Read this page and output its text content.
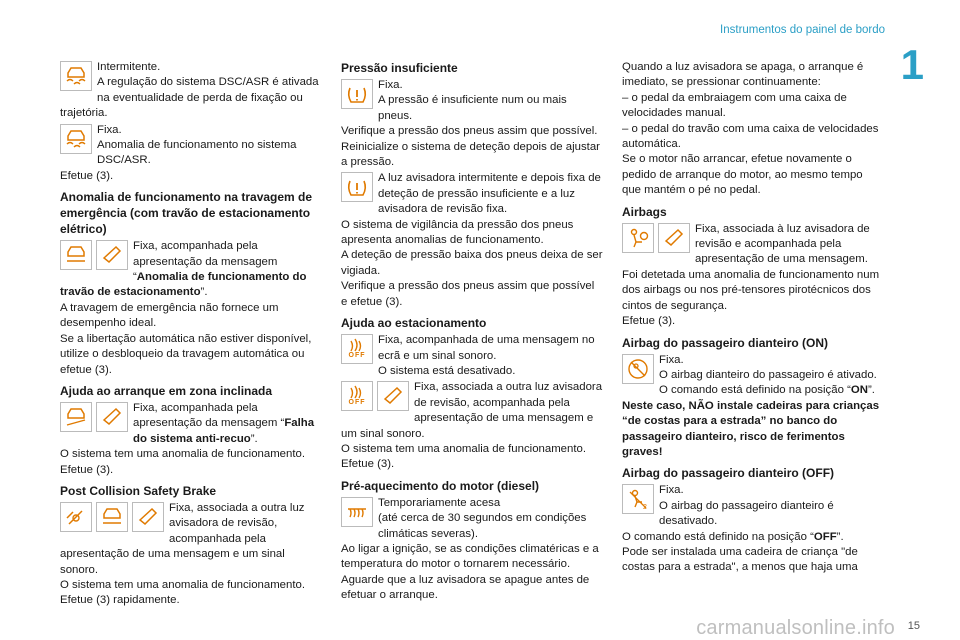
Instrumentos do painel de bordo
1

Intermitente.

A regulação do sistema DSC/ASR é ativada na eventualidade de perda de fixação ou trajetória.

Fixa.

Anomalia de funcionamento no sistema DSC/ASR.

Efetue (3).

Anomalia de funcionamento na travagem de emergência (com travão de estacionamento elétrico)

Fixa, acompanhada pela apresentação da mensagem

“Anomalia de funcionamento do travão de estacionamento”.

A travagem de emergência não fornece um desempenho ideal.

Se a libertação automática não estiver disponível, utilize o desbloqueio da travagem automática ou efetue (3).

Ajuda ao arranque em zona inclinada

Fixa, acompanhada pela apresentação da mensagem “Falha do sistema anti-recuo”.

O sistema tem uma anomalia de funcionamento.

Efetue (3).

Post Collision Safety Brake

Fixa, associada a outra luz avisadora de revisão, acompanhada pela apresentação de uma mensagem e um sinal sonoro.

O sistema tem uma anomalia de funcionamento.

Efetue (3) rapidamente.

Pressão insuficiente

Fixa.

A pressão é insuficiente num ou mais pneus.

Verifique a pressão dos pneus assim que possível.

Reinicialize o sistema de deteção depois de ajustar a pressão.

A luz avisadora intermitente e depois fixa de deteção de pressão insuficiente e a luz avisadora de revisão fixa.

O sistema de vigilância da pressão dos pneus apresenta anomalias de funcionamento.

A deteção de pressão baixa dos pneus deixa de ser vigiada.

Verifique a pressão dos pneus assim que possível e efetue (3).

Ajuda ao estacionamento
OFF

Fixa, acompanhada de uma mensagem no ecrã e um sinal sonoro.

O sistema está desativado.

OFF

Fixa, associada a outra luz avisadora de revisão, acompanhada pela apresentação de uma mensagem e um sinal sonoro.

O sistema tem uma anomalia de funcionamento.

Efetue (3).

Pré-aquecimento do motor (diesel)

Temporariamente acesa

(até cerca de 30 segundos em condições climáticas severas).

Ao ligar a ignição, se as condições climatéricas e a temperatura do motor o tornarem necessário.

Aguarde que a luz avisadora se apague antes de efetuar o arranque.

Quando a luz avisadora se apaga, o arranque é imediato, se pressionar continuamente:

– o pedal da embraiagem com uma caixa de velocidades manual.

– o pedal do travão com uma caixa de velocidades automática.

Se o motor não arrancar, efetue novamente o pedido de arranque do motor, ao mesmo tempo que mantém o pé no pedal.

Airbags

Fixa, associada à luz avisadora de revisão e acompanhada pela apresentação de uma mensagem.

Foi detetada uma anomalia de funcionamento num dos airbags ou nos pré-tensores pirotécnicos dos cintos de segurança.

Efetue (3).

Airbag do passageiro dianteiro (ON)

Fixa.

O airbag dianteiro do passageiro é ativado.

O comando está definido na posição “ON”.

Neste caso, NÃO instale cadeiras para crianças “de costas para a estrada” no banco do passageiro dianteiro, risco de ferimentos graves!

Airbag do passageiro dianteiro (OFF)
2

Fixa.

O airbag do passageiro dianteiro é desativado.

O comando está definido na posição “OFF”.

Pode ser instalada uma cadeira de criança "de costas para a estrada", a menos que haja uma

carmanualsonline.info 15
